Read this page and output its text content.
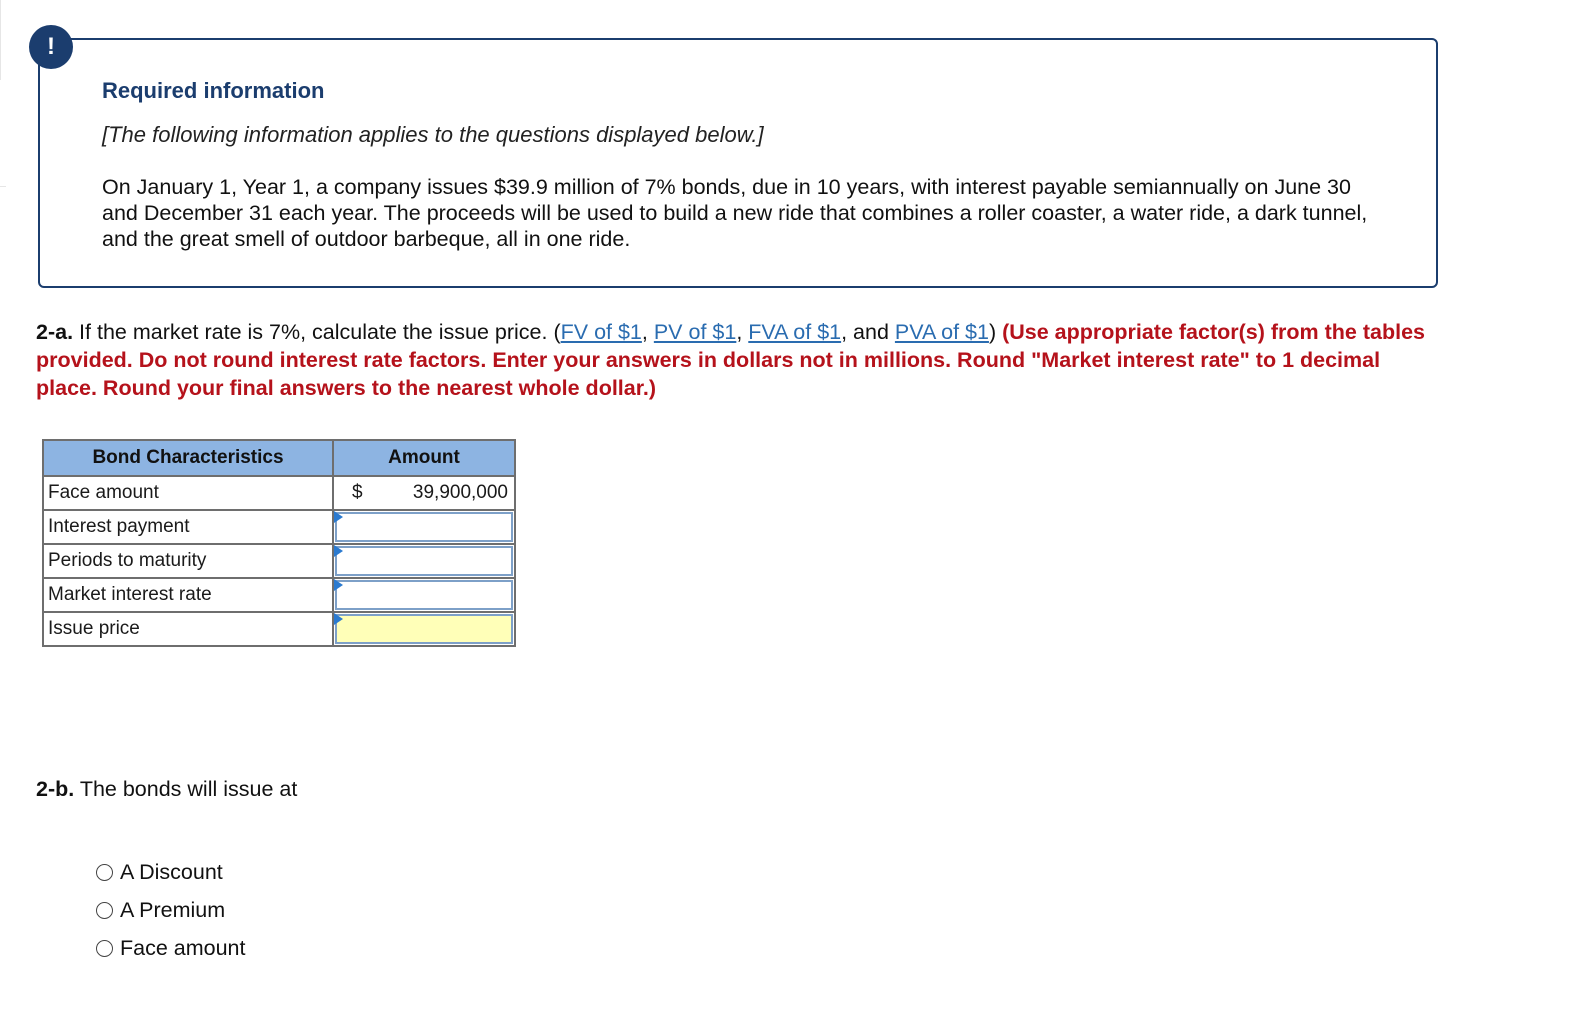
!
Required information
[The following information applies to the questions displayed below.]
On January 1, Year 1, a company issues $39.9 million of 7% bonds, due in 10 years, with interest payable semiannually on June 30 and December 31 each year. The proceeds will be used to build a new ride that combines a roller coaster, a water ride, a dark tunnel, and the great smell of outdoor barbeque, all in one ride.
2-a. If the market rate is 7%, calculate the issue price. (FV of $1, PV of $1, FVA of $1, and PVA of $1) (Use appropriate factor(s) from the tables provided. Do not round interest rate factors. Enter your answers in dollars not in millions. Round "Market interest rate" to 1 decimal place. Round your final answers to the nearest whole dollar.)
Bond Characteristics	Amount
Face amount	$ 39,900,000

Interest payment	

Periods to maturity	

Market interest rate	

Issue price	
2-b. The bonds will issue at
A Discount
A Premium
Face amount
